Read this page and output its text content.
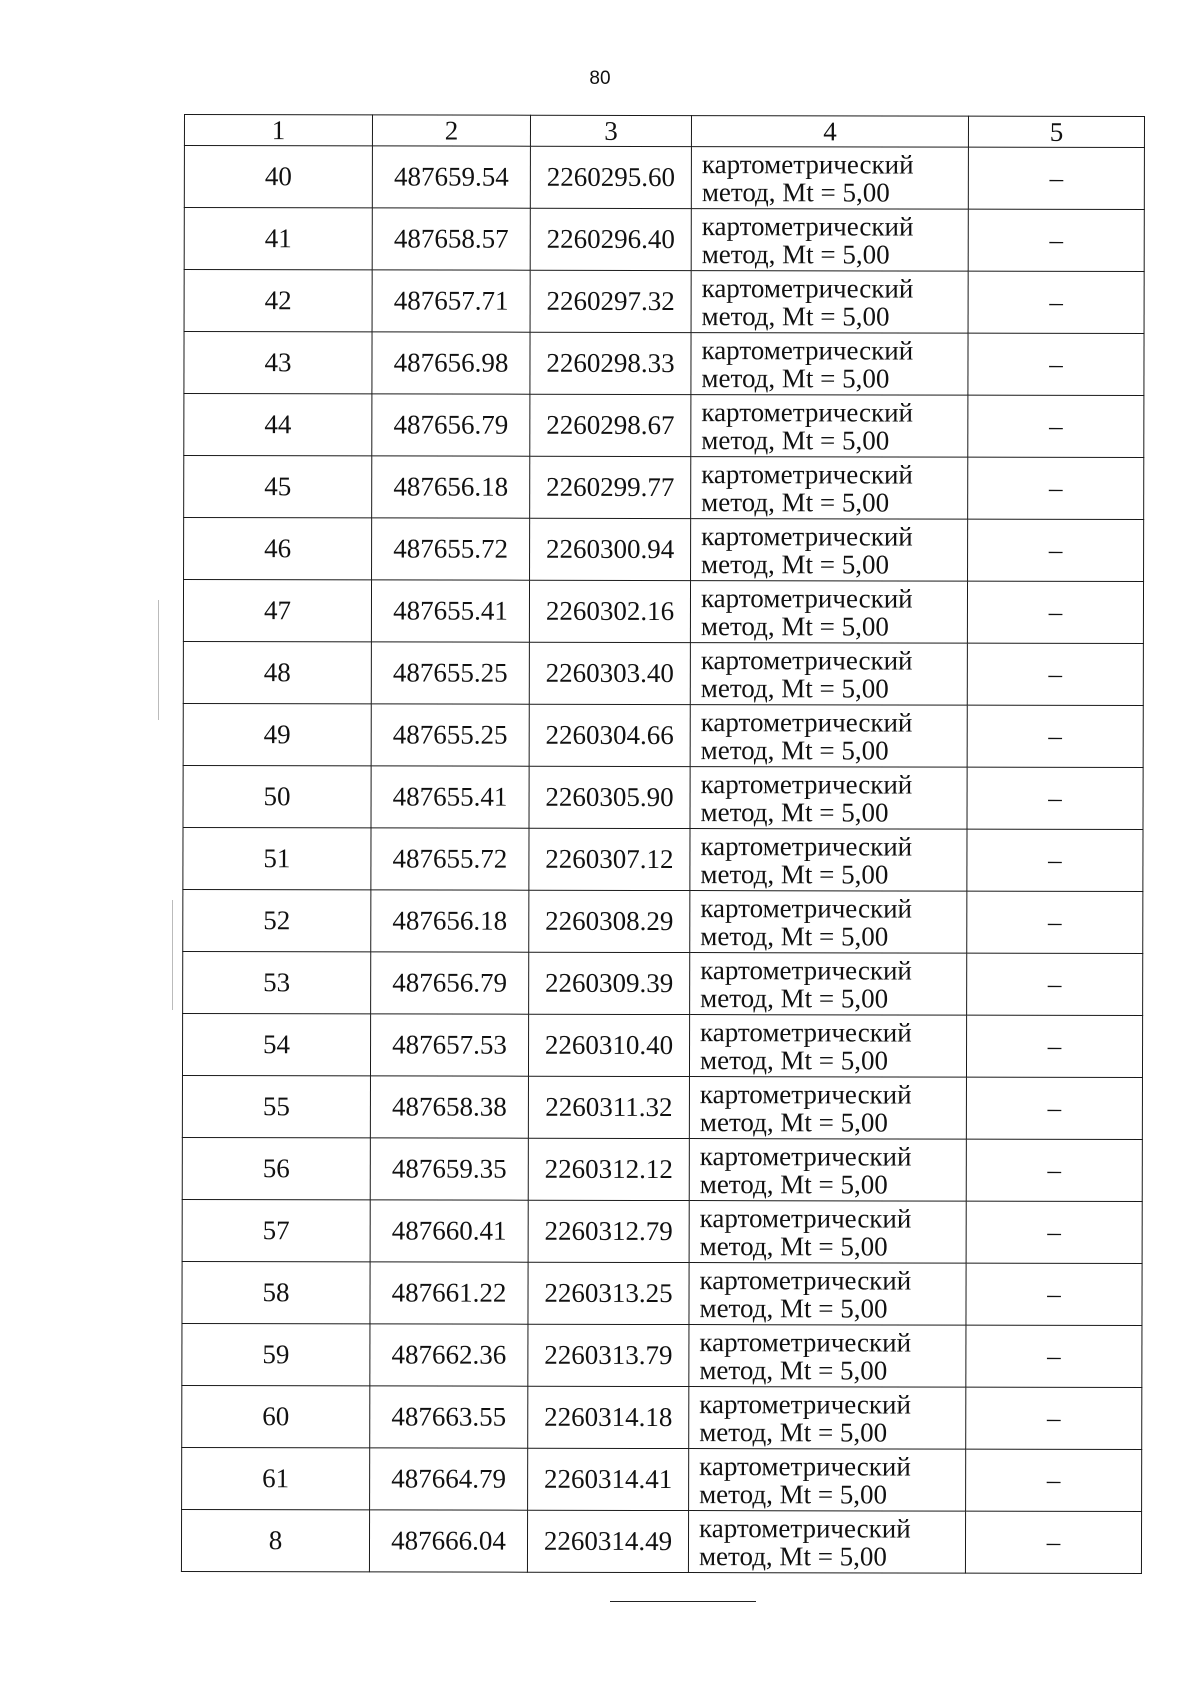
80
1	2	3	4	5
40	487659.54	2260295.60	картометрический
метод, Mt = 5,00	–
41	487658.57	2260296.40	картометрический
метод, Mt = 5,00	–
42	487657.71	2260297.32	картометрический
метод, Mt = 5,00	–
43	487656.98	2260298.33	картометрический
метод, Mt = 5,00	–
44	487656.79	2260298.67	картометрический
метод, Mt = 5,00	–
45	487656.18	2260299.77	картометрический
метод, Mt = 5,00	–
46	487655.72	2260300.94	картометрический
метод, Mt = 5,00	–
47	487655.41	2260302.16	картометрический
метод, Mt = 5,00	–
48	487655.25	2260303.40	картометрический
метод, Mt = 5,00	–
49	487655.25	2260304.66	картометрический
метод, Mt = 5,00	–
50	487655.41	2260305.90	картометрический
метод, Mt = 5,00	–
51	487655.72	2260307.12	картометрический
метод, Mt = 5,00	–
52	487656.18	2260308.29	картометрический
метод, Mt = 5,00	–
53	487656.79	2260309.39	картометрический
метод, Mt = 5,00	–
54	487657.53	2260310.40	картометрический
метод, Mt = 5,00	–
55	487658.38	2260311.32	картометрический
метод, Mt = 5,00	–
56	487659.35	2260312.12	картометрический
метод, Mt = 5,00	–
57	487660.41	2260312.79	картометрический
метод, Mt = 5,00	–
58	487661.22	2260313.25	картометрический
метод, Mt = 5,00	–
59	487662.36	2260313.79	картометрический
метод, Mt = 5,00	–
60	487663.55	2260314.18	картометрический
метод, Mt = 5,00	–
61	487664.79	2260314.41	картометрический
метод, Mt = 5,00	–
8	487666.04	2260314.49	картометрический
метод, Mt = 5,00	–
